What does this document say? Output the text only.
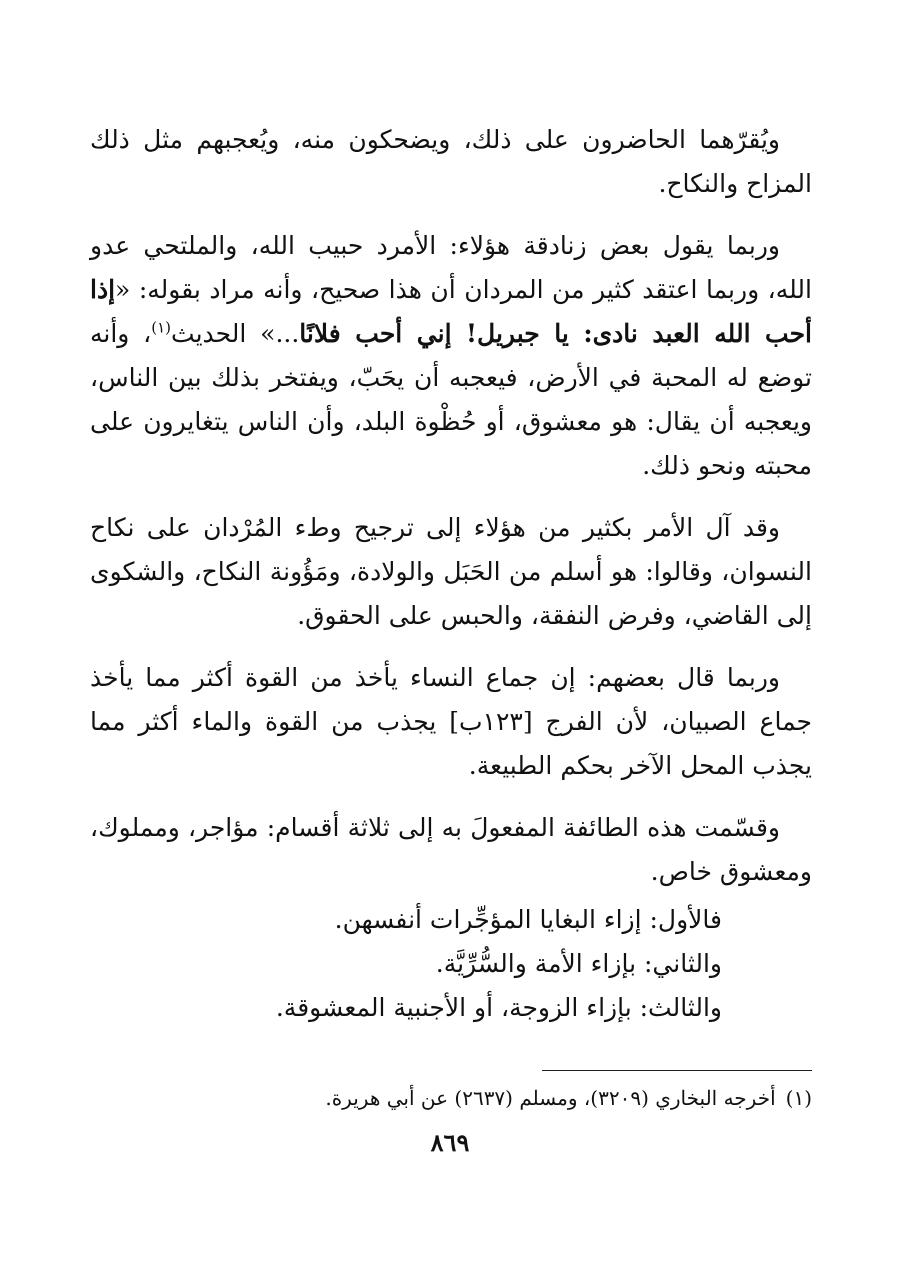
ويُقرّهما الحاضرون على ذلك، ويضحكون منه، ويُعجبهم مثل ذلك المزاح والنكاح.

وربما يقول بعض زنادقة هؤلاء: الأمرد حبيب الله، والملتحي عدو الله، وربما اعتقد كثير من المردان أن هذا صحيح، وأنه مراد بقوله: «إذا أحب الله العبد نادى: يا جبريل! إني أحب فلانًا...» الحديث$^{(١)}$، وأنه توضع له المحبة في الأرض، فيعجبه أن يحَبّ، ويفتخر بذلك بين الناس، ويعجبه أن يقال: هو معشوق، أو حُظْوة البلد، وأن الناس يتغايرون على محبته ونحو ذلك.

وقد آل الأمر بكثير من هؤلاء إلى ترجيح وطء المُرْدان على نكاح النسوان، وقالوا: هو أسلم من الحَبَل والولادة، ومَؤُونة النكاح، والشكوى إلى القاضي، وفرض النفقة، والحبس على الحقوق.

وربما قال بعضهم: إن جماع النساء يأخذ من القوة أكثر مما يأخذ جماع الصبيان، لأن الفرج [١٢٣ب] يجذب من القوة والماء أكثر مما يجذب المحل الآخر بحكم الطبيعة.

وقسّمت هذه الطائفة المفعولَ به إلى ثلاثة أقسام: مؤاجر، ومملوك، ومعشوق خاص.

فالأول: إزاء البغايا المؤجِّرات أنفسهن.

والثاني: بإزاء الأمة والسُّرِّيَّة.

والثالث: بإزاء الزوجة، أو الأجنبية المعشوقة.

(١)أخرجه البخاري (٣٢٠٩)، ومسلم (٢٦٣٧) عن أبي هريرة.
٨٦٩
